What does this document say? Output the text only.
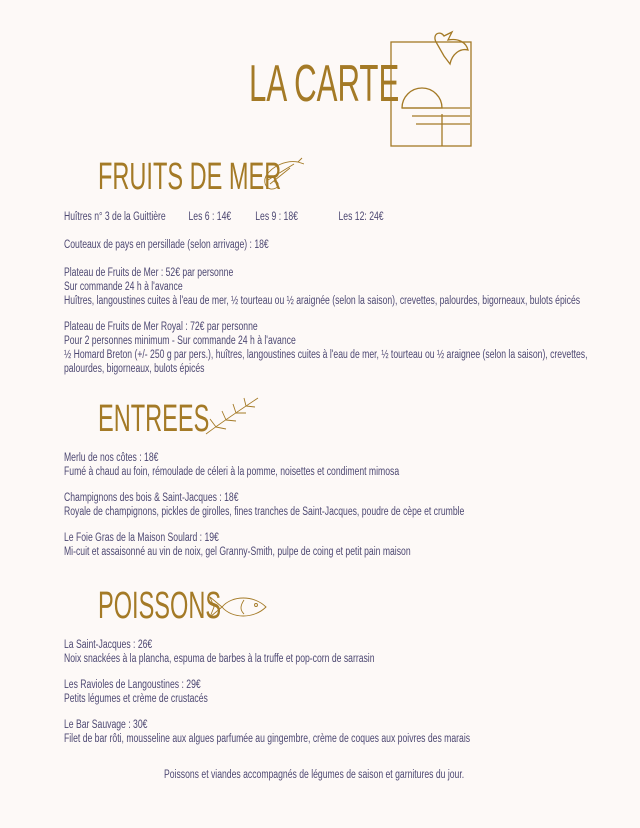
LA CARTE
FRUITS DE MER
Huîtres n° 3 de la Guittière	Les 6 : 14€	Les 9 : 18€	Les 12: 24€

Couteaux de pays en persillade (selon arrivage) : 18€

Plateau de Fruits de Mer : 52€ par personne

Sur commande 24 h à l'avance

Huîtres, langoustines cuites à l'eau de mer, ½ tourteau ou ½ araignée (selon la saison), crevettes, palourdes, bigorneaux, bulots épicés

Plateau de Fruits de Mer Royal : 72€ par personne

Pour 2 personnes minimum - Sur commande 24 h à l'avance

½ Homard Breton (+/- 250 g par pers.), huîtres, langoustines cuites à l'eau de mer, ½ tourteau ou ½ araignee (selon la saison), crevettes,

palourdes, bigorneaux, bulots épicés

ENTREES

Merlu de nos côtes : 18€

Fumé à chaud au foin, rémoulade de céleri à la pomme, noisettes et condiment mimosa

Champignons des bois & Saint-Jacques : 18€

Royale de champignons, pickles de girolles, fines tranches de Saint-Jacques, poudre de cèpe et crumble

Le Foie Gras de la Maison Soulard : 19€

Mi-cuit et assaisonné au vin de noix, gel Granny-Smith, pulpe de coing et petit pain maison

POISSONS

La Saint-Jacques : 26€

Noix snackées à la plancha, espuma de barbes à la truffe et pop-corn de sarrasin

Les Ravioles de Langoustines : 29€

Petits légumes et crème de crustacés

Le Bar Sauvage : 30€

Filet de bar rôti, mousseline aux algues parfumée au gingembre, crème de coques aux poivres des marais

Poissons et viandes accompagnés de légumes de saison et garnitures du jour.
